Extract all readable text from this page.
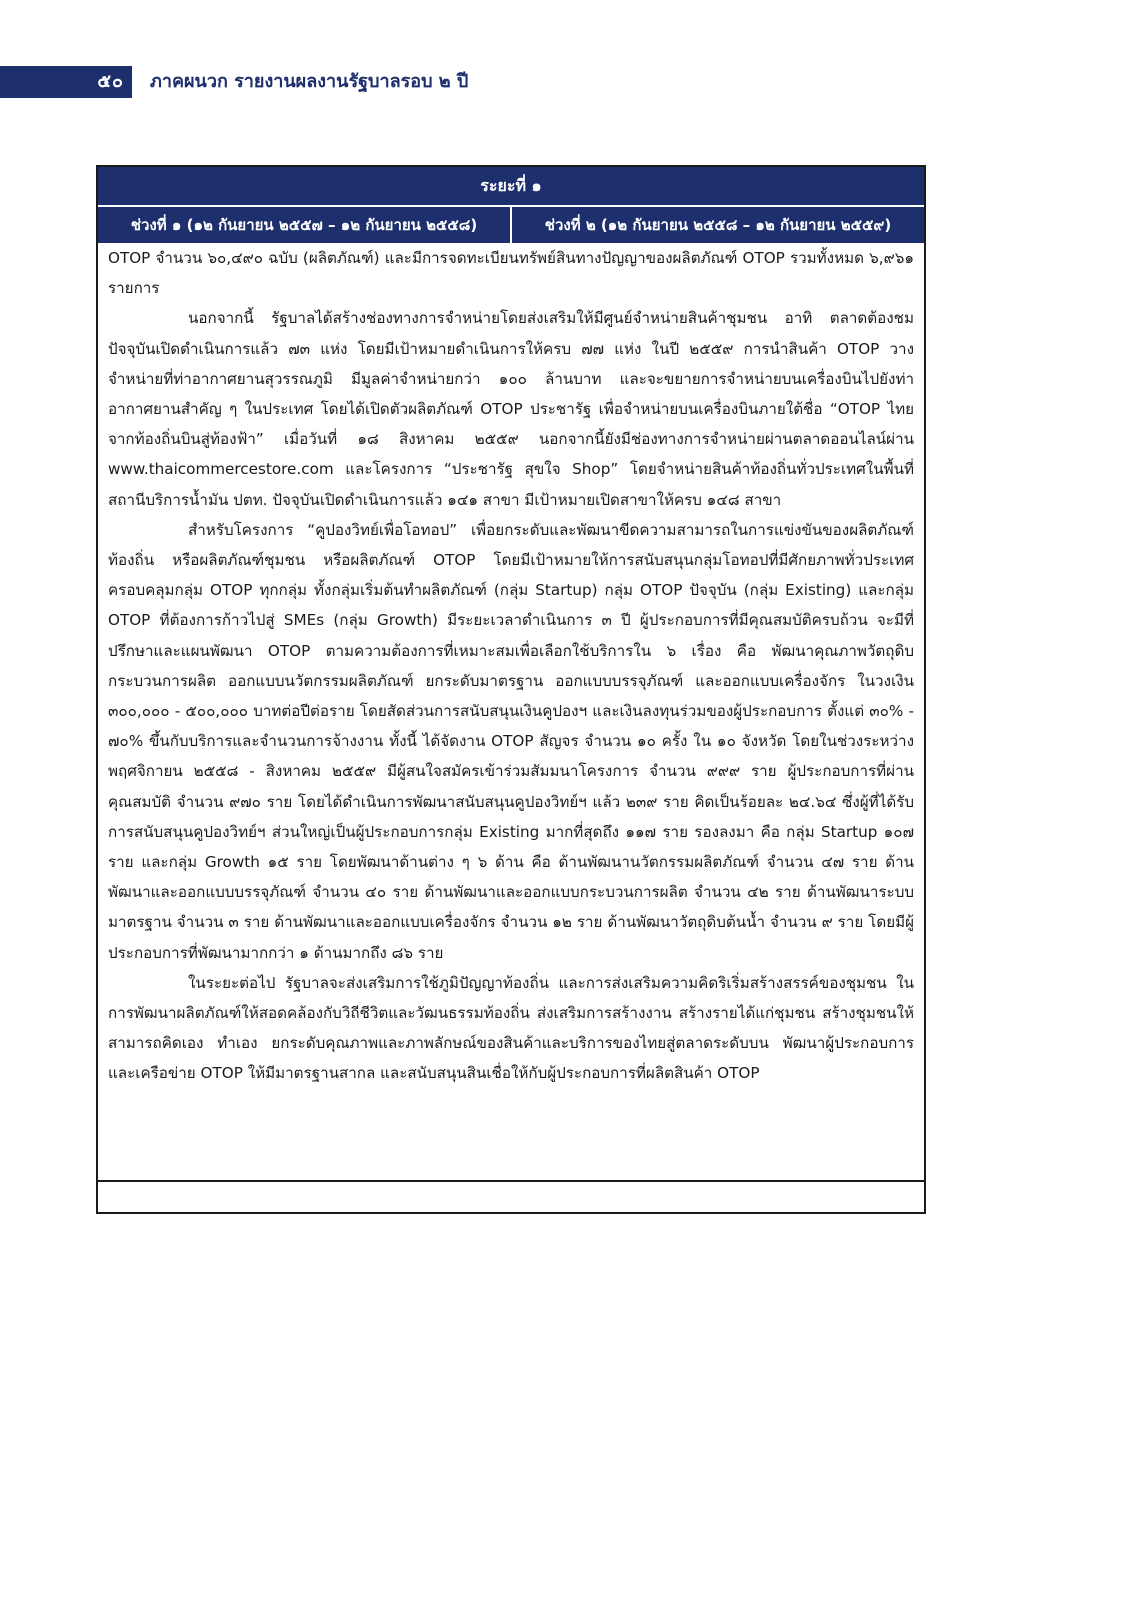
๕๐ ภาคผนวก รายงานผลงานรัฐบาลรอบ ๒ ปี
ระยะที่ ๑
ช่วงที่ ๑ (๑๒ กันยายน ๒๕๕๗ – ๑๒ กันยายน ๒๕๕๘)	ช่วงที่ ๒ (๑๒ กันยายน ๒๕๕๘ – ๑๒ กันยายน ๒๕๕๙)

OTOP จำนวน ๖๐,๔๙๐ ฉบับ (ผลิตภัณฑ์) และมีการจดทะเบียนทรัพย์สินทางปัญญาของผลิตภัณฑ์ OTOP รวมทั้งหมด ๖,๙๖๑ รายการ

นอกจากนี้ รัฐบาลได้สร้างช่องทางการจำหน่ายโดยส่งเสริมให้มีศูนย์จำหน่ายสินค้าชุมชน อาทิ ตลาดต้องชม ปัจจุบันเปิดดำเนินการแล้ว ๗๓ แห่ง โดยมีเป้าหมายดำเนินการให้ครบ ๗๗ แห่ง ในปี ๒๕๕๙ การนำสินค้า OTOP วางจำหน่ายที่ท่าอากาศยานสุวรรณภูมิ มีมูลค่าจำหน่ายกว่า ๑๐๐ ล้านบาท และจะขยายการจำหน่ายบนเครื่องบินไปยังท่าอากาศยานสำคัญ ๆ ในประเทศ โดยได้เปิดตัวผลิตภัณฑ์ OTOP ประชารัฐ เพื่อจำหน่ายบนเครื่องบินภายใต้ชื่อ “OTOP ไทยจากท้องถิ่นบินสู่ท้องฟ้า” เมื่อวันที่ ๑๘ สิงหาคม ๒๕๕๙ นอกจากนี้ยังมีช่องทางการจำหน่ายผ่านตลาดออนไลน์ผ่าน www.thaicommercestore.com และโครงการ “ประชารัฐ สุขใจ Shop” โดยจำหน่ายสินค้าท้องถิ่นทั่วประเทศในพื้นที่สถานีบริการน้ำมัน ปตท. ปัจจุบันเปิดดำเนินการแล้ว ๑๔๑ สาขา มีเป้าหมายเปิดสาขาให้ครบ ๑๔๘ สาขา

สำหรับโครงการ “คูปองวิทย์เพื่อโอทอป” เพื่อยกระดับและพัฒนาขีดความสามารถในการแข่งขันของผลิตภัณฑ์ท้องถิ่น หรือผลิตภัณฑ์ชุมชน หรือผลิตภัณฑ์ OTOP โดยมีเป้าหมายให้การสนับสนุนกลุ่มโอทอปที่มีศักยภาพทั่วประเทศ ครอบคลุมกลุ่ม OTOP ทุกกลุ่ม ทั้งกลุ่มเริ่มต้นทำผลิตภัณฑ์ (กลุ่ม Startup) กลุ่ม OTOP ปัจจุบัน (กลุ่ม Existing) และกลุ่ม OTOP ที่ต้องการก้าวไปสู่ SMEs (กลุ่ม Growth) มีระยะเวลาดำเนินการ ๓ ปี ผู้ประกอบการที่มีคุณสมบัติครบถ้วน จะมีที่ปรึกษาและแผนพัฒนา OTOP ตามความต้องการที่เหมาะสมเพื่อเลือกใช้บริการใน ๖ เรื่อง คือ พัฒนาคุณภาพวัตถุดิบ กระบวนการผลิต ออกแบบนวัตกรรมผลิตภัณฑ์ ยกระดับมาตรฐาน ออกแบบบรรจุภัณฑ์ และออกแบบเครื่องจักร ในวงเงิน ๓๐๐,๐๐๐ - ๕๐๐,๐๐๐ บาทต่อปีต่อราย โดยสัดส่วนการสนับสนุนเงินคูปองฯ และเงินลงทุนร่วมของผู้ประกอบการ ตั้งแต่ ๓๐% - ๗๐% ขึ้นกับบริการและจำนวนการจ้างงาน ทั้งนี้ ได้จัดงาน OTOP สัญจร จำนวน ๑๐ ครั้ง ใน ๑๐ จังหวัด โดยในช่วงระหว่างพฤศจิกายน ๒๕๕๘ - สิงหาคม ๒๕๕๙ มีผู้สนใจสมัครเข้าร่วมสัมมนาโครงการ จำนวน ๙๙๙ ราย ผู้ประกอบการที่ผ่านคุณสมบัติ จำนวน ๙๗๐ ราย โดยได้ดำเนินการพัฒนาสนับสนุนคูปองวิทย์ฯ แล้ว ๒๓๙ ราย คิดเป็นร้อยละ ๒๔.๖๔ ซึ่งผู้ที่ได้รับการสนับสนุนคูปองวิทย์ฯ ส่วนใหญ่เป็นผู้ประกอบการกลุ่ม Existing มากที่สุดถึง ๑๑๗ ราย รองลงมา คือ กลุ่ม Startup ๑๐๗ ราย และกลุ่ม Growth ๑๕ ราย โดยพัฒนาด้านต่าง ๆ ๖ ด้าน คือ ด้านพัฒนานวัตกรรมผลิตภัณฑ์ จำนวน ๔๗ ราย ด้านพัฒนาและออกแบบบรรจุภัณฑ์ จำนวน ๔๐ ราย ด้านพัฒนาและออกแบบกระบวนการผลิต จำนวน ๔๒ ราย ด้านพัฒนาระบบมาตรฐาน จำนวน ๓ ราย ด้านพัฒนาและออกแบบเครื่องจักร จำนวน ๑๒ ราย ด้านพัฒนาวัตถุดิบต้นน้ำ จำนวน ๙ ราย โดยมีผู้ประกอบการที่พัฒนามากกว่า ๑ ด้านมากถึง ๘๖ ราย

ในระยะต่อไป รัฐบาลจะส่งเสริมการใช้ภูมิปัญญาท้องถิ่น และการส่งเสริมความคิดริเริ่มสร้างสรรค์ของชุมชน ในการพัฒนาผลิตภัณฑ์ให้สอดคล้องกับวิถีชีวิตและวัฒนธรรมท้องถิ่น ส่งเสริมการสร้างงาน สร้างรายได้แก่ชุมชน สร้างชุมชนให้สามารถคิดเอง ทำเอง ยกระดับคุณภาพและภาพลักษณ์ของสินค้าและบริการของไทยสู่ตลาดระดับบน พัฒนาผู้ประกอบการและเครือข่าย OTOP ให้มีมาตรฐานสากล และสนับสนุนสินเชื่อให้กับผู้ประกอบการที่ผลิตสินค้า OTOP
